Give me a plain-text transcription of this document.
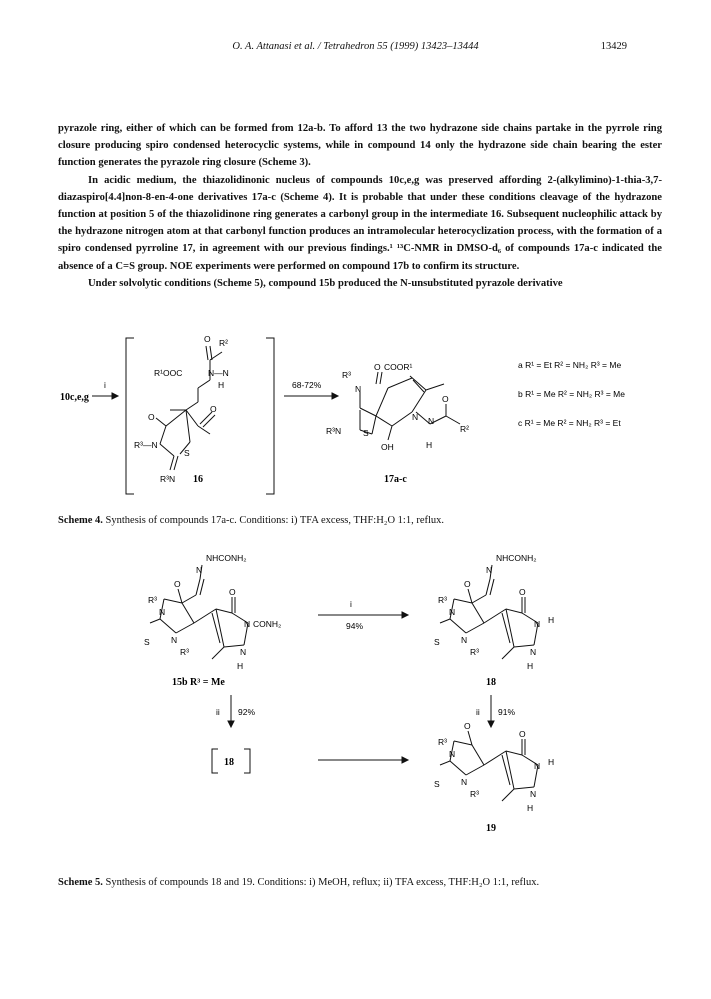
O. A. Attanasi et al. / Tetrahedron 55 (1999) 13423–13444	13429

pyrazole ring, either of which can be formed from 12a-b. To afford 13 the two hydrazone side chains partake in the pyrrole ring closure producing spiro condensed heterocyclic systems, while in compound 14 only the hydrazone side chain bearing the ester function generates the pyrazole ring closure (Scheme 3).

In acidic medium, the thiazolidinonic nucleus of compounds 10c,e,g was preserved affording 2-(alkylimino)-1-thia-3,7-diazaspiro[4.4]non-8-en-4-one derivatives 17a-c (Scheme 4). It is probable that under these conditions cleavage of the hydrazone function at position 5 of the thiazolidinone ring generates a carbonyl group in the intermediate 16. Subsequent nucleophilic attack by the hydrazone nitrogen atom at that carbonyl function produces an intramolecular heterocyclization process, with the formation of a spiro condensed pyrroline 17, in agreement with our previous findings.¹ ¹³C-NMR in DMSO-d₆ of compounds 17a-c indicated the absence of a C=S group. NOE experiments were performed on compound 17b to confirm its structure.

Under solvolytic conditions (Scheme 5), compound 15b produced the N-unsubstituted pyrazole derivative

10c,e,g
i	68-72%
R²
O
R¹OOC	N—N
H
O
O
R³—N
S
R³N 16
R³
N
O COOR¹
R³N	S
N N
O
R²
OH	H
17a-c
a R¹ = Et R² = NH₂ R³ = Me
b R¹ = Me R² = NH₂ R³ = Me
c R¹ = Me R² = NH₂ R³ = Et
Scheme 4. Synthesis of compounds 17a-c. Conditions: i) TFA excess, THF:H₂O 1:1, reflux.
NHCONH₂
N
O
O
R³
N
N
S
R³
N CONH₂
N
H
15b R³ = Me
i
94%
NHCONH₂
N
O
O
R³
N
N
S
R³
N H
N
H
18
ii 92%	ii 91%
18
O
O
R³
N
N
S
R³
N H
N
H
19
Scheme 5. Synthesis of compounds 18 and 19. Conditions: i) MeOH, reflux; ii) TFA excess, THF:H₂O 1:1, reflux.
